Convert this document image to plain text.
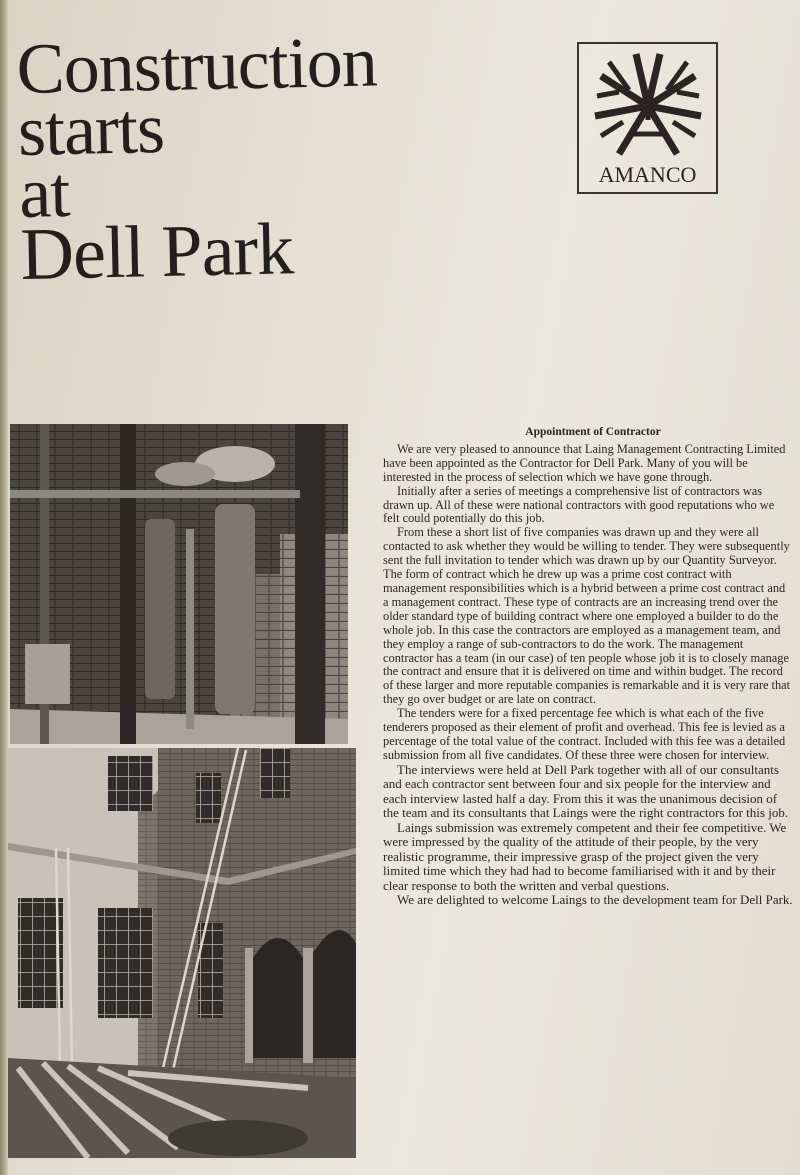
Construction
starts
at
Dell Park
AMANCO
Appointment of Contractor

We are very pleased to announce that Laing Management Contracting Limited have been appointed as the Contractor for Dell Park. Many of you will be interested in the process of selection which we have gone through.

Initially after a series of meetings a comprehensive list of contractors was drawn up. All of these were national contractors with good reputations who we felt could potentially do this job.

From these a short list of five companies was drawn up and they were all contacted to ask whether they would be willing to tender. They were subsequently sent the full invitation to tender which was drawn up by our Quantity Surveyor. The form of contract which he drew up was a prime cost contract with management responsibilities which is a hybrid between a prime cost contract and a management contract. These type of contracts are an increasing trend over the older standard type of building contract where one employed a builder to do the whole job. In this case the contractors are employed as a management team, and they employ a range of sub-contractors to do the work. The management contractor has a team (in our case) of ten people whose job it is to closely manage the contract and ensure that it is delivered on time and within budget. The record of these larger and more reputable companies is remarkable and it is very rare that they go over budget or are late on contract.

The tenders were for a fixed percentage fee which is what each of the five tenderers proposed as their element of profit and overhead. This fee is levied as a percentage of the total value of the contract. Included with this fee was a detailed submission from all five candidates. Of these three were chosen for interview.

The interviews were held at Dell Park together with all of our consultants and each contractor sent between four and six people for the interview and each interview lasted half a day. From this it was the unanimous decision of the team and its consultants that Laings were the right contractors for this job.

Laings submission was extremely competent and their fee competitive. We were impressed by the quality of the attitude of their people, by the very realistic programme, their impressive grasp of the project given the very limited time which they had had to become familiarised with it and by their clear response to both the written and verbal questions.

We are delighted to welcome Laings to the development team for Dell Park.
